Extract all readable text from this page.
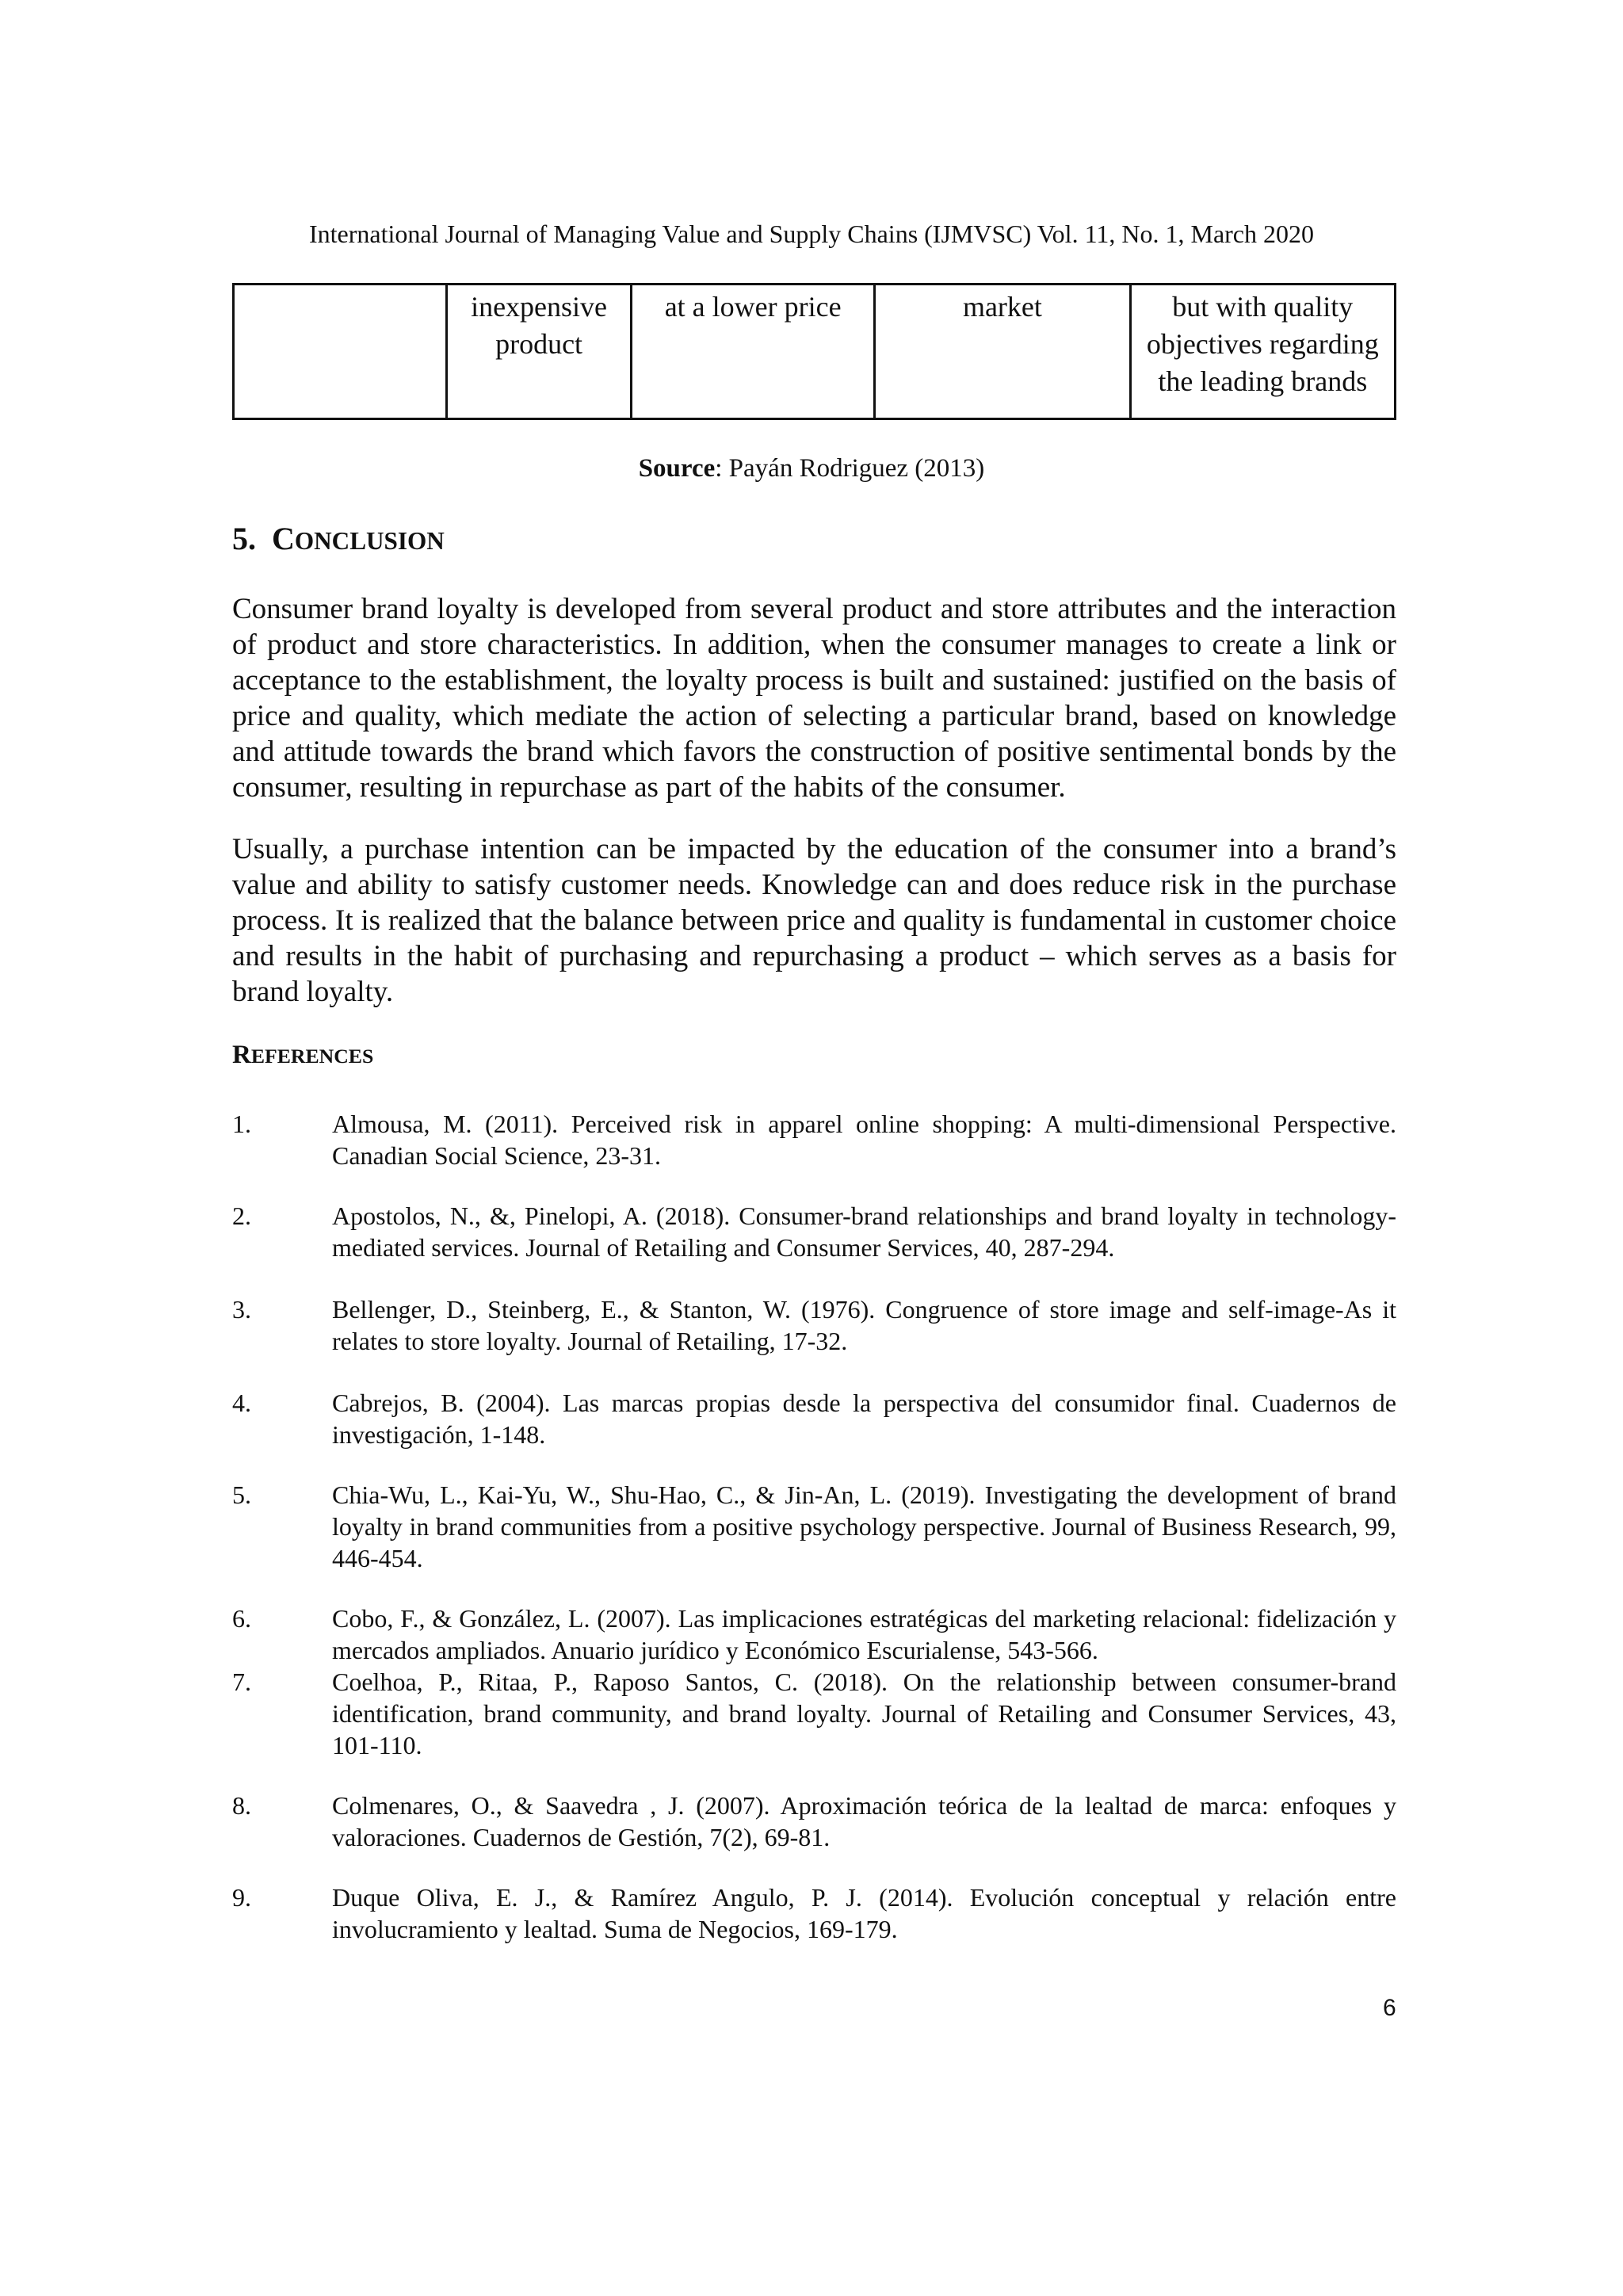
International Journal of Managing Value and Supply Chains (IJMVSC) Vol. 11, No. 1, March 2020
	inexpensive product	at a lower price	market	but with quality objectives regarding the leading brands
Source: Payán Rodriguez (2013)
5. CONCLUSION

Consumer brand loyalty is developed from several product and store attributes and the interaction of product and store characteristics. In addition, when the consumer manages to create a link or acceptance to the establishment, the loyalty process is built and sustained: justified on the basis of price and quality, which mediate the action of selecting a particular brand, based on knowledge and attitude towards the brand which favors the construction of positive sentimental bonds by the consumer, resulting in repurchase as part of the habits of the consumer.

Usually, a purchase intention can be impacted by the education of the consumer into a brand’s value and ability to satisfy customer needs. Knowledge can and does reduce risk in the purchase process. It is realized that the balance between price and quality is fundamental in customer choice and results in the habit of purchasing and repurchasing a product – which serves as a basis for brand loyalty.

REFERENCES
1.	Almousa, M. (2011). Perceived risk in apparel online shopping: A multi-dimensional Perspective. Canadian Social Science, 23-31.
2.	Apostolos, N., &, Pinelopi, A. (2018). Consumer-brand relationships and brand loyalty in technology-mediated services. Journal of Retailing and Consumer Services, 40, 287-294.
3.	Bellenger, D., Steinberg, E., & Stanton, W. (1976). Congruence of store image and self-image-As it relates to store loyalty. Journal of Retailing, 17-32.
4.	Cabrejos, B. (2004). Las marcas propias desde la perspectiva del consumidor final. Cuadernos de investigación, 1-148.
5.	Chia-Wu, L., Kai-Yu, W., Shu-Hao, C., & Jin-An, L. (2019). Investigating the development of brand loyalty in brand communities from a positive psychology perspective. Journal of Business Research, 99, 446-454.
6.	Cobo, F., & González, L. (2007). Las implicaciones estratégicas del marketing relacional: fidelización y mercados ampliados. Anuario jurídico y Económico Escurialense, 543-566.
7.	Coelhoa, P., Ritaa, P., Raposo Santos, C. (2018). On the relationship between consumer-brand identification, brand community, and brand loyalty. Journal of Retailing and Consumer Services, 43, 101-110.
8.	Colmenares, O., & Saavedra , J. (2007). Aproximación teórica de la lealtad de marca: enfoques y valoraciones. Cuadernos de Gestión, 7(2), 69-81.
9.	Duque Oliva, E. J., & Ramírez Angulo, P. J. (2014). Evolución conceptual y relación entre involucramiento y lealtad. Suma de Negocios, 169-179.
6
